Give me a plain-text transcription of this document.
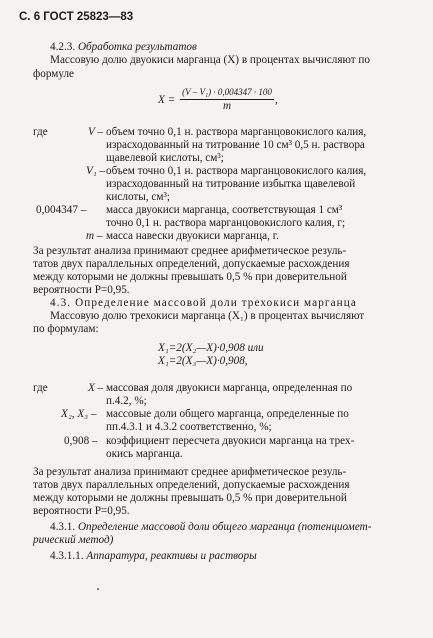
С. 6 ГОСТ 25823—83
4.2.3. Обработка результатов
Массовую долю двуокиси марганца (X) в процентах вычисляют по
формуле
X =
(V – V₁) · 0,004347 · 100
m	,
где	V – объем точно 0,1 н. раствора марганцовокислого калия,
израсходованный на титрование 10 см³ 0,5 н. раствора
щавелевой кислоты, см³;
V₁ – объем точно 0,1 н. раствора марганцовокислого калия,
израсходованный на титрование избытка щавелевой
кислоты, см³;
0,004347 – масса двуокиси марганца, соответствующая 1 см³
точно 0,1 н. раствора марганцовокислого калия, г;
m – масса навески двуокиси марганца, г.
За результат анализа принимают среднее арифметическое резуль-
татов двух параллельных определений, допускаемые расхождения
между которыми не должны превышать 0,5 % при доверительной
вероятности P=0,95.
4.3. Определение массовой доли трехокиси марганца
Массовую долю трехокиси марганца (X₁) в процентах вычисляют
по формулам:
X₁=2(X₂—X)·0,908 или
X₁=2(X₃—X)·0,908,
где	X – массовая доля двуокиси марганца, определенная по
п.4.2, %;
X₂, X₃ – массовые доли общего марганца, определенные по
пп.4.3.1 и 4.3.2 соответственно, %;
0,908 – коэффициент пересчета двуокиси марганца на трех-
окись марганца.
За результат анализа принимают среднее арифметическое резуль-
татов двух параллельных определений, допускаемые расхождения
между которыми не должны превышать 0,5 % при доверительной
вероятности P=0,95.
4.3.1. Определение массовой доли общего марганца (потенциомет-
рический метод)
4.3.1.1. Аппаратура, реактивы и растворы
